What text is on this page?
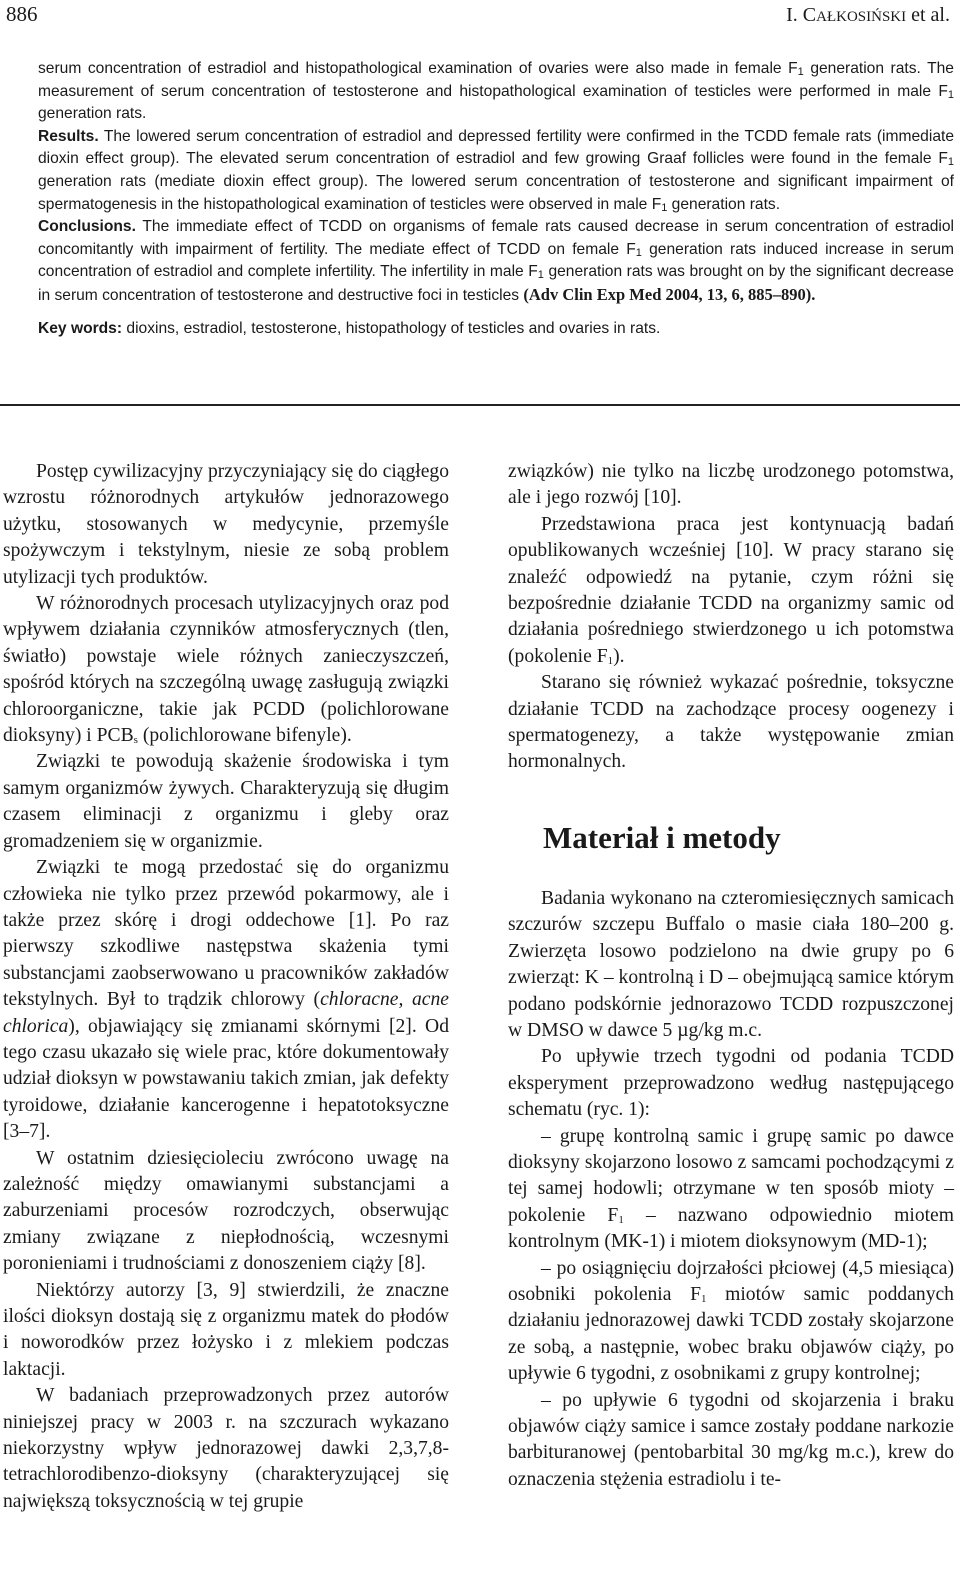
886	I. CAŁKOSIŃSKI et al.

serum concentration of estradiol and histopathological examination of ovaries were also made in female $F_1$ generation rats. The measurement of serum concentration of testosterone and histopathological examination of testicles were performed in male $F_1$ generation rats.

Results. The lowered serum concentration of estradiol and depressed fertility were confirmed in the TCDD female rats (immediate dioxin effect group). The elevated serum concentration of estradiol and few growing Graaf follicles were found in the female $F_1$ generation rats (mediate dioxin effect group). The lowered serum concentration of testosterone and significant impairment of spermatogenesis in the histopathological examination of testicles were observed in male $F_1$ generation rats.

Conclusions. The immediate effect of TCDD on organisms of female rats caused decrease in serum concentration of estradiol concomitantly with impairment of fertility. The mediate effect of TCDD on female $F_1$ generation rats induced increase in serum concentration of estradiol and complete infertility. The infertility in male $F_1$ generation rats was brought on by the significant decrease in serum concentration of testosterone and destructive foci in testicles (Adv Clin Exp Med 2004, 13, 6, 885–890).

Key words: dioxins, estradiol, testosterone, histopathology of testicles and ovaries in rats.

Postęp cywilizacyjny przyczyniający się do ciągłego wzrostu różnorodnych artykułów jednorazowego użytku, stosowanych w medycynie, przemyśle spożywczym i tekstylnym, niesie ze sobą problem utylizacji tych produktów.

W różnorodnych procesach utylizacyjnych oraz pod wpływem działania czynników atmosferycznych (tlen, światło) powstaje wiele różnych zanieczyszczeń, spośród których na szczególną uwagę zasługują związki chloroorganiczne, takie jak PCDD (polichlorowane dioksyny) i $PCB_s$ (polichlorowane bifenyle).

Związki te powodują skażenie środowiska i tym samym organizmów żywych. Charakteryzują się długim czasem eliminacji z organizmu i gleby oraz gromadzeniem się w organizmie.

Związki te mogą przedostać się do organizmu człowieka nie tylko przez przewód pokarmowy, ale i także przez skórę i drogi oddechowe [1]. Po raz pierwszy szkodliwe następstwa skażenia tymi substancjami zaobserwowano u pracowników zakładów tekstylnych. Był to trądzik chlorowy (chloracne, acne chlorica), objawiający się zmianami skórnymi [2]. Od tego czasu ukazało się wiele prac, które dokumentowały udział dioksyn w powstawaniu takich zmian, jak defekty tyroidowe, działanie kancerogenne i hepatotoksyczne [3–7].

W ostatnim dziesięcioleciu zwrócono uwagę na zależność między omawianymi substancjami a zaburzeniami procesów rozrodczych, obserwując zmiany związane z niepłodnością, wczesnymi poronieniami i trudnościami z donoszeniem ciąży [8].

Niektórzy autorzy [3, 9] stwierdzili, że znaczne ilości dioksyn dostają się z organizmu matek do płodów i noworodków przez łożysko i z mlekiem podczas laktacji.

W badaniach przeprowadzonych przez autorów niniejszej pracy w 2003 r. na szczurach wykazano niekorzystny wpływ jednorazowej dawki 2,3,7,8-tetrachlorodibenzo-dioksyny (charakteryzującej się największą toksycznością w tej grupie

związków) nie tylko na liczbę urodzonego potomstwa, ale i jego rozwój [10].

Przedstawiona praca jest kontynuacją badań opublikowanych wcześniej [10]. W pracy starano się znaleźć odpowiedź na pytanie, czym różni się bezpośrednie działanie TCDD na organizmy samic od działania pośredniego stwierdzonego u ich potomstwa (pokolenie $F_1$).

Starano się również wykazać pośrednie, toksyczne działanie TCDD na zachodzące procesy oogenezy i spermatogenezy, a także występowanie zmian hormonalnych.

Materiał i metody

Badania wykonano na czteromiesięcznych samicach szczurów szczepu Buffalo o masie ciała 180–200 g. Zwierzęta losowo podzielono na dwie grupy po 6 zwierząt: K – kontrolną i D – obejmującą samice którym podano podskórnie jednorazowo TCDD rozpuszczonej w DMSO w dawce 5 µg/kg m.c.

Po upływie trzech tygodni od podania TCDD eksperyment przeprowadzono według następującego schematu (ryc. 1):

– grupę kontrolną samic i grupę samic po dawce dioksyny skojarzono losowo z samcami pochodzącymi z tej samej hodowli; otrzymane w ten sposób mioty – pokolenie $F_1$ – nazwano odpowiednio miotem kontrolnym (MK-1) i miotem dioksynowym (MD-1);

– po osiągnięciu dojrzałości płciowej (4,5 miesiąca) osobniki pokolenia $F_1$ miotów samic poddanych działaniu jednorazowej dawki TCDD zostały skojarzone ze sobą, a następnie, wobec braku objawów ciąży, po upływie 6 tygodni, z osobnikami z grupy kontrolnej;

– po upływie 6 tygodni od skojarzenia i braku objawów ciąży samice i samce zostały poddane narkozie barbituranowej (pentobarbital 30 mg/kg m.c.), krew do oznaczenia stężenia estradiolu i te-
